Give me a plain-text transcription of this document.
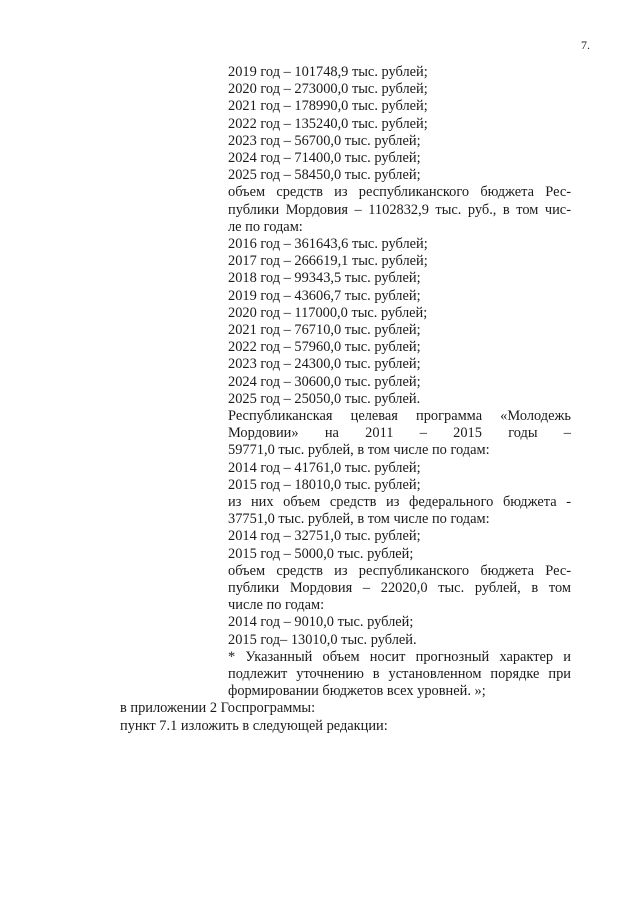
7.
2019 год – 101748,9 тыс. рублей;
2020 год – 273000,0 тыс. рублей;
2021 год – 178990,0 тыс. рублей;
2022 год – 135240,0 тыс. рублей;
2023 год – 56700,0 тыс. рублей;
2024 год – 71400,0 тыс. рублей;
2025 год – 58450,0 тыс. рублей;
объем средств из республиканского бюджета Рес-
публики Мордовия – 1102832,9 тыс. руб., в том чис-
ле по годам:
2016 год – 361643,6 тыс. рублей;
2017 год – 266619,1 тыс. рублей;
2018 год – 99343,5 тыс. рублей;
2019 год – 43606,7 тыс. рублей;
2020 год – 117000,0 тыс. рублей;
2021 год – 76710,0 тыс. рублей;
2022 год – 57960,0 тыс. рублей;
2023 год – 24300,0 тыс. рублей;
2024 год – 30600,0 тыс. рублей;
2025 год – 25050,0 тыс. рублей.
Республиканская целевая программа «Молодежь
Мордовии» на 2011 – 2015 годы –
59771,0 тыс. рублей, в том числе по годам:
2014 год – 41761,0 тыс. рублей;
2015 год – 18010,0 тыс. рублей;
из них объем средств из федерального бюджета -
37751,0 тыс. рублей, в том числе по годам:
2014 год – 32751,0 тыс. рублей;
2015 год – 5000,0 тыс. рублей;
объем средств из республиканского бюджета Рес-
публики Мордовия – 22020,0 тыс. рублей, в том
числе по годам:
2014 год – 9010,0 тыс. рублей;
2015 год– 13010,0 тыс. рублей.
* Указанный объем носит прогнозный характер и
подлежит уточнению в установленном порядке при
формировании бюджетов всех уровней. »;
в приложении 2 Госпрограммы:
пункт 7.1 изложить в следующей редакции:
